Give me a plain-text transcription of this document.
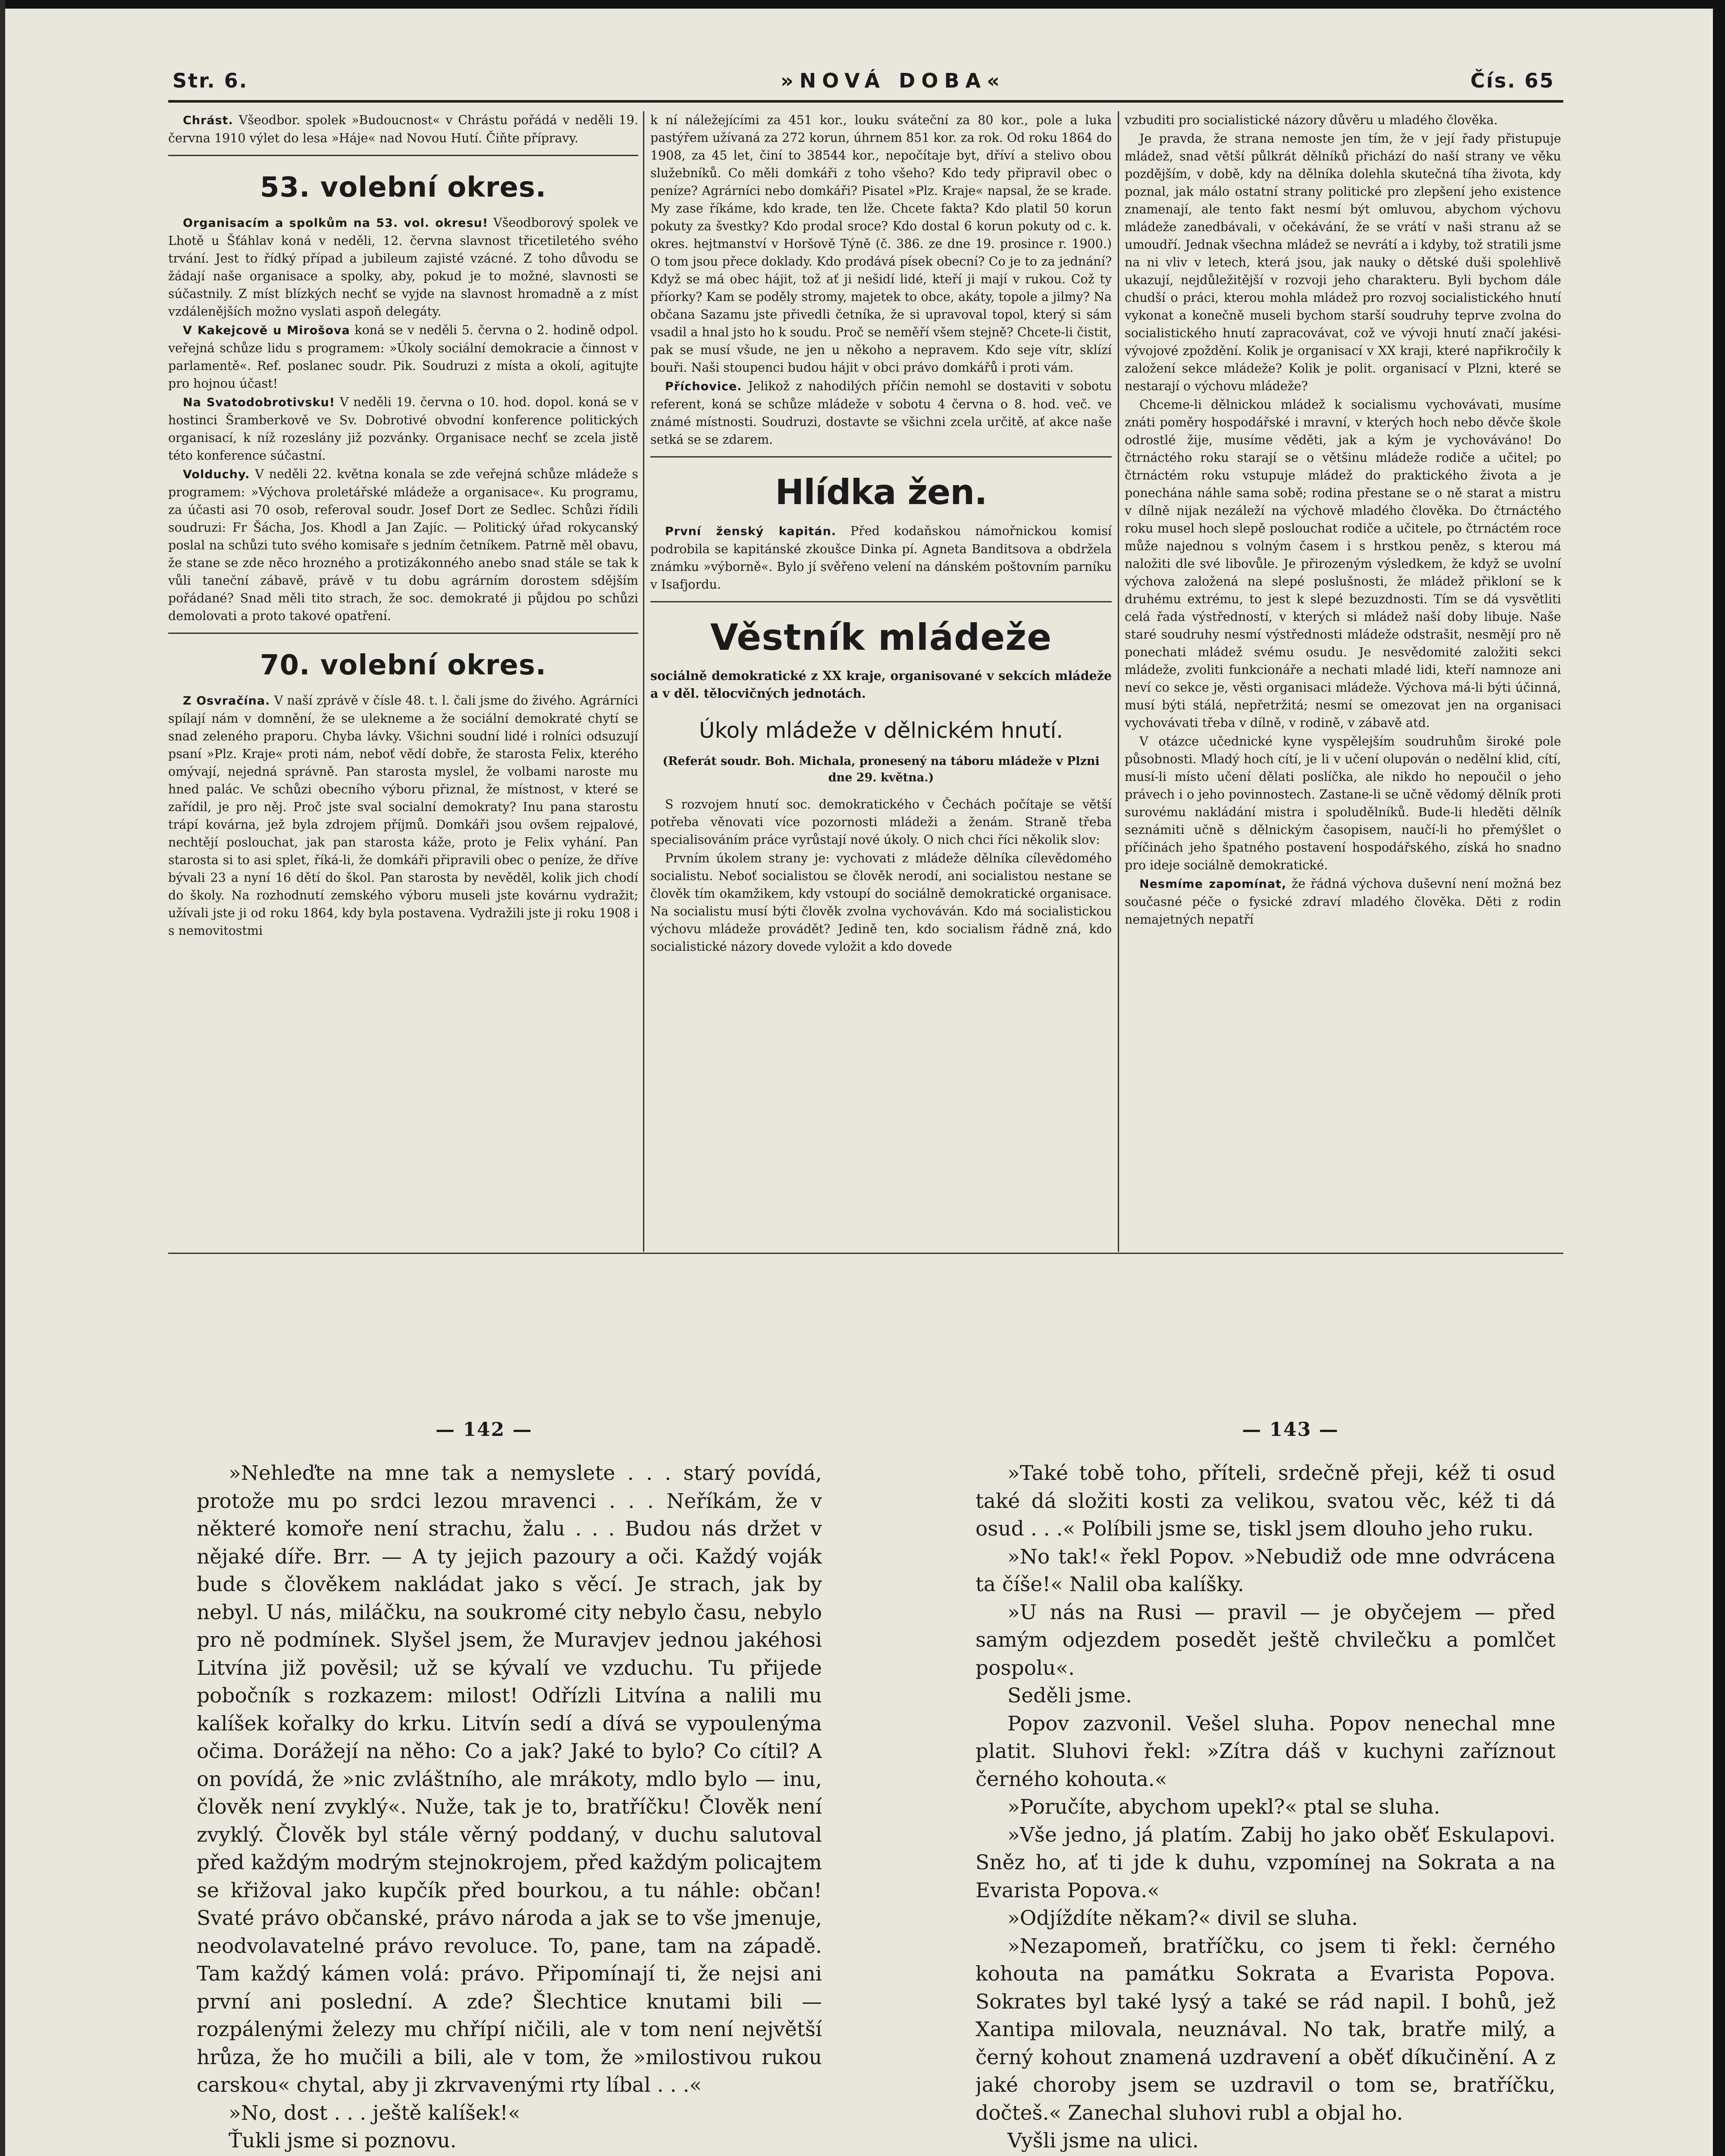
Str. 6.	»NOVÁ DOBA«	Čís. 65

Chrást. Všeodbor. spolek »Budoucnost« v Chrástu pořádá v neděli 19. června 1910 výlet do lesa »Háje« nad Novou Hutí. Čiňte přípravy.

53. volební okres.

Organisacím a spolkům na 53. vol. okresu! Všeodborový spolek ve Lhotě u Šťáhlav koná v neděli, 12. června slavnost třicetiletého svého trvání. Jest to řídký případ a jubileum zajisté vzácné. Z toho důvodu se žádají naše organisace a spolky, aby, pokud je to možné, slavnosti se súčastnily. Z míst blízkých nechť se vyjde na slavnost hromadně a z míst vzdálenějších možno vyslati aspoň delegáty.

V Kakejcově u Mirošova koná se v neděli 5. června o 2. hodině odpol. veřejná schůze lidu s programem: »Úkoly sociální demokracie a činnost v parlamentě«. Ref. poslanec soudr. Pik. Soudruzi z místa a okolí, agitujte pro hojnou účast!

Na Svatodobrotivsku! V neděli 19. června o 10. hod. dopol. koná se v hostinci Šramberkově ve Sv. Dobrotivé obvodní konference politických organisací, k níž rozeslány již pozvánky. Organisace nechť se zcela jistě této konference súčastní.

Volduchy. V neděli 22. května konala se zde veřejná schůze mládeže s programem: »Výchova proletářské mládeže a organisace«. Ku programu, za účasti asi 70 osob, referoval soudr. Josef Dort ze Sedlec. Schůzi řídili soudruzi: Fr Šácha, Jos. Khodl a Jan Zajíc. — Politický úřad rokycanský poslal na schůzi tuto svého komisaře s jedním četníkem. Patrně měl obavu, že stane se zde něco hrozného a protizákonného anebo snad stále se tak k vůli taneční zábavě, právě v tu dobu agrárním dorostem sdějším pořádané? Snad měli tito strach, že soc. demokraté ji půjdou po schůzi demolovati a proto takové opatření.

70. volební okres.

Z Osvračína. V naší zprávě v čísle 48. t. l. čali jsme do živého. Agrárníci spílají nám v domnění, že se ulekneme a že sociální demokraté chytí se snad zeleného praporu. Chyba lávky. Všichni soudní lidé i rolníci odsuzují psaní »Plz. Kraje« proti nám, neboť vědí dobře, že starosta Felix, kterého omývají, nejedná správně. Pan starosta myslel, že volbami naroste mu hned palác. Ve schůzi obecního výboru přiznal, že místnost, v které se zařídil, je pro něj. Proč jste sval socialní demokraty? Inu pana starostu trápí kovárna, jež byla zdrojem příjmů. Domkáři jsou ovšem rejpalové, nechtějí poslouchat, jak pan starosta káže, proto je Felix vyhání. Pan starosta si to asi splet, říká-li, že domkáři připravili obec o peníze, že dříve bývali 23 a nyní 16 dětí do škol. Pan starosta by nevěděl, kolik jich chodí do školy. Na rozhodnutí zemského výboru museli jste kovárnu vydražit; užívali jste ji od roku 1864, kdy byla postavena. Vydražili jste ji roku 1908 i s nemovitostmi

k ní náležejícími za 451 kor., louku sváteční za 80 kor., pole a luka pastýřem užívaná za 272 korun, úhrnem 851 kor. za rok. Od roku 1864 do 1908, za 45 let, činí to 38544 kor., nepočítaje byt, dříví a stelivo obou služebníků. Co měli domkáři z toho všeho? Kdo tedy připravil obec o peníze? Agrárníci nebo domkáři? Pisatel »Plz. Kraje« napsal, že se krade. My zase říkáme, kdo krade, ten lže. Chcete fakta? Kdo platil 50 korun pokuty za švestky? Kdo prodal sroce? Kdo dostal 6 korun pokuty od c. k. okres. hejtmanství v Horšově Týně (č. 386. ze dne 19. prosince r. 1900.) O tom jsou přece doklady. Kdo prodává písek obecní? Co je to za jednání? Když se má obec hájit, tož ať ji nešidí lidé, kteří ji mají v rukou. Což ty příorky? Kam se poděly stromy, majetek to obce, akáty, topole a jilmy? Na občana Sazamu jste přivedli četníka, že si upravoval topol, který si sám vsadil a hnal jsto ho k soudu. Proč se neměří všem stejně? Chcete-li čistit, pak se musí všude, ne jen u někoho a nepravem. Kdo seje vítr, sklízí bouři. Naši stoupenci budou hájit v obci právo domkářů i proti vám.

Příchovice. Jelikož z nahodilých příčin nemohl se dostaviti v sobotu referent, koná se schůze mládeže v sobotu 4 června o 8. hod. več. ve známé místnosti. Soudruzi, dostavte se všichni zcela určitě, ať akce naše setká se se zdarem.

Hlídka žen.

První ženský kapitán. Před kodaňskou námořnickou komisí podrobila se kapitánské zkoušce Dinka pí. Agneta Banditsova a obdržela známku »výborně«. Bylo jí svěřeno velení na dánském poštovním parníku v Isafjordu.

Věstník mládeže

sociálně demokratické z XX kraje, organisované v sekcích mládeže a v děl. tělocvičných jednotách.

Úkoly mládeže v dělnickém hnutí.
(Referát soudr. Boh. Michala, pronesený na táboru mládeže v Plzni dne 29. května.)

S rozvojem hnutí soc. demokratického v Čechách počítaje se větší potřeba věnovati více pozornosti mládeži a ženám. Straně třeba specialisováním práce vyrůstají nové úkoly. O nich chci říci několik slov:

Prvním úkolem strany je: vychovati z mládeže dělníka cílevědomého socialistu. Neboť socialistou se člověk nerodí, ani socialistou nestane se člověk tím okamžikem, kdy vstoupí do sociálně demokratické organisace. Na socialistu musí býti člověk zvolna vychováván. Kdo má socialistickou výchovu mládeže provádět? Jedině ten, kdo socialism řádně zná, kdo socialistické názory dovede vyložit a kdo dovede

vzbuditi pro socialistické názory důvěru u mladého člověka.

Je pravda, že strana nemoste jen tím, že v její řady přistupuje mládež, snad větší půlkrát dělníků přichází do naší strany ve věku pozdějším, v době, kdy na dělníka dolehla skutečná tíha života, kdy poznal, jak málo ostatní strany politické pro zlepšení jeho existence znamenají, ale tento fakt nesmí být omluvou, abychom výchovu mládeže zanedbávali, v očekávání, že se vrátí v naši stranu až se umoudří. Jednak všechna mládež se nevrátí a i kdyby, tož stratili jsme na ni vliv v letech, která jsou, jak nauky o dětské duši spolehlivě ukazují, nejdůležitější v rozvoji jeho charakteru. Byli bychom dále chudší o práci, kterou mohla mládež pro rozvoj socialistického hnutí vykonat a konečně museli bychom starší soudruhy teprve zvolna do socialistického hnutí zapracovávat, což ve vývoji hnutí značí jakési-vývojové zpoždění. Kolik je organisací v XX kraji, které napřikročily k založení sekce mládeže? Kolik je polit. organisací v Plzni, které se nestarají o výchovu mládeže?

Chceme-li dělnickou mládež k socialismu vychovávati, musíme znáti poměry hospodářské i mravní, v kterých hoch nebo děvče škole odrostlé žije, musíme věděti, jak a kým je vychováváno! Do čtrnáctého roku starají se o většinu mládeže rodiče a učitel; po čtrnáctém roku vstupuje mládež do praktického života a je ponechána náhle sama sobě; rodina přestane se o ně starat a mistru v dílně nijak nezáleží na výchově mladého člověka. Do čtrnáctého roku musel hoch slepě poslouchat rodiče a učitele, po čtrnáctém roce může najednou s volným časem i s hrstkou peněz, s kterou má naložiti dle své libovůle. Je přirozeným výsledkem, že když se uvolní výchova založená na slepé poslušnosti, že mládež přikloní se k druhému extrému, to jest k slepé bezuzdnosti. Tím se dá vysvětliti celá řada výstředností, v kterých si mládež naší doby libuje. Naše staré soudruhy nesmí výstřednosti mládeže odstrašit, nesmějí pro ně ponechati mládež svému osudu. Je nesvědomité založiti sekci mládeže, zvoliti funkcionáře a nechati mladé lidi, kteří namnoze ani neví co sekce je, věsti organisaci mládeže. Výchova má-li býti účinná, musí býti stálá, nepřetržitá; nesmí se omezovat jen na organisaci vychovávati třeba v dílně, v rodině, v zábavě atd.

V otázce učednické kyne vyspělejším soudruhům široké pole působnosti. Mladý hoch cítí, je li v učení olupován o nedělní klid, cítí, musí-li místo učení dělati poslíčka, ale nikdo ho nepoučil o jeho právech i o jeho povinnostech. Zastane-li se učně vědomý dělník proti surovému nakládání mistra i spoludělníků. Bude-li hleděti dělník seznámiti učně s dělnickým časopisem, naučí-li ho přemýšlet o příčinách jeho špatného postavení hospodářského, získá ho snadno pro ideje sociálně demokratické.

Nesmíme zapomínat, že řádná výchova duševní není možná bez současné péče o fysické zdraví mladého člověka. Děti z rodin nemajetných nepatří

— 142 —	— 143 —

»Nehleďte na mne tak a nemyslete . . . starý povídá, protože mu po srdci lezou mravenci . . . Neříkám, že v některé komoře není strachu, žalu . . . Budou nás držet v nějaké díře. Brr. — A ty jejich pazoury a oči. Každý voják bude s člověkem nakládat jako s věcí. Je strach, jak by nebyl. U nás, miláčku, na soukromé city nebylo času, nebylo pro ně podmínek. Slyšel jsem, že Muravjev jednou jakéhosi Litvína již pověsil; už se kývalí ve vzduchu. Tu přijede pobočník s rozkazem: milost! Odřízli Litvína a nalili mu kalíšek kořalky do krku. Litvín sedí a dívá se vypoulenýma očima. Dorážejí na něho: Co a jak? Jaké to bylo? Co cítil? A on povídá, že »nic zvláštního, ale mrákoty, mdlo bylo — inu, člověk není zvyklý«. Nuže, tak je to, bratříčku! Člověk není zvyklý. Člověk byl stále věrný poddaný, v duchu salutoval před každým modrým stejnokrojem, před každým policajtem se křižoval jako kupčík před bourkou, a tu náhle: občan! Svaté právo občanské, právo národa a jak se to vše jmenuje, neodvolavatelné právo revoluce. To, pane, tam na západě. Tam každý kámen volá: právo. Připomínají ti, že nejsi ani první ani poslední. A zde? Šlechtice knutami bili — rozpálenými železy mu chřípí ničili, ale v tom není největší hrůza, že ho mučili a bili, ale v tom, že »milostivou rukou carskou« chytal, aby ji zkrvavenými rty líbal . . .«

»No, dost . . . ještě kalíšek!«

Ťukli jsme si poznovu.

»Také tobě toho, příteli, srdečně přeji, kéž ti osud také dá složiti kosti za velikou, svatou věc, kéž ti dá osud . . .« Políbili jsme se, tiskl jsem dlouho jeho ruku.

»No tak!« řekl Popov. »Nebudiž ode mne odvrácena ta číše!« Nalil oba kalíšky.

»U nás na Rusi — pravil — je obyčejem — před samým odjezdem posedět ještě chvilečku a pomlčet pospolu«.

Seděli jsme.

Popov zazvonil. Vešel sluha. Popov nenechal mne platit. Sluhovi řekl: »Zítra dáš v kuchyni zaříznout černého kohouta.«

»Poručíte, abychom upekl?« ptal se sluha.

»Vše jedno, já platím. Zabij ho jako oběť Eskulapovi. Sněz ho, ať ti jde k duhu, vzpomínej na Sokrata a na Evarista Popova.«

»Odjíždíte někam?« divil se sluha.

»Nezapomeň, bratříčku, co jsem ti řekl: černého kohouta na památku Sokrata a Evarista Popova. Sokrates byl také lysý a také se rád napil. I bohů, jež Xantipa milovala, neuznával. No tak, bratře milý, a černý kohout znamená uzdravení a oběť díkučinění. A z jaké choroby jsem se uzdravil o tom se, bratříčku, dočteš.« Zanechal sluhovi rubl a objal ho.

Vyšli jsme na ulici.
